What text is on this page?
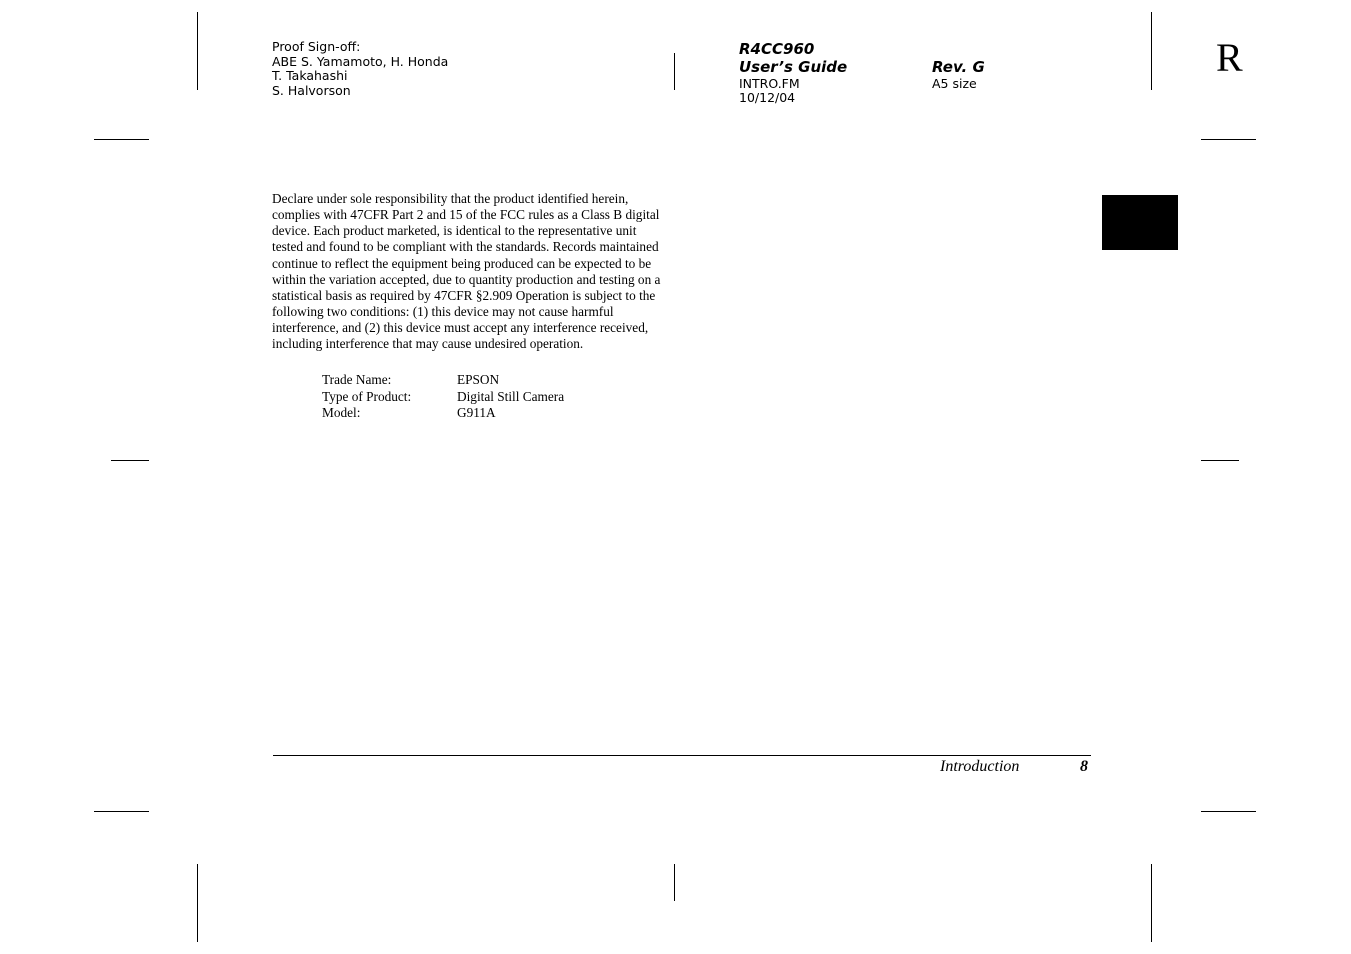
Proof Sign-off:
ABE S. Yamamoto, H. Honda
T. Takahashi
S. Halvorson
R4CC960
User’s Guide
INTRO.FM
10/12/04
Rev. G
A5 size
R

Declare under sole responsibility that the product identified herein, complies with 47CFR Part 2 and 15 of the FCC rules as a Class B digital device. Each product marketed, is identical to the representative unit tested and found to be compliant with the standards. Records maintained continue to reflect the equipment being produced can be expected to be within the variation accepted, due to quantity production and testing on a statistical basis as required by 47CFR §2.909 Operation is subject to the following two conditions: (1) this device may not cause harmful interference, and (2) this device must accept any interference received, including interference that may cause undesired operation.

Trade Name:	EPSON
Type of Product:	Digital Still Camera
Model:	G911A
Introduction	8
